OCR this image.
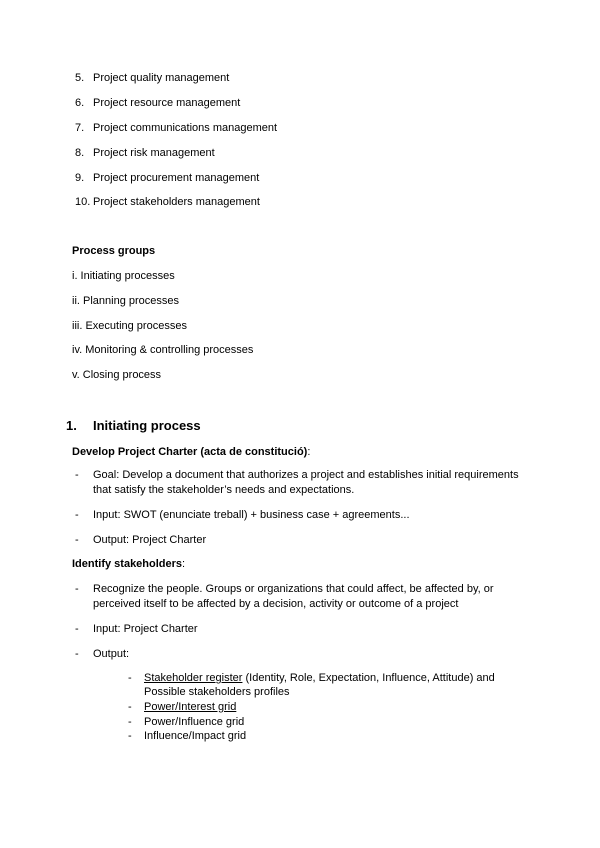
5. Project quality management
6. Project resource management
7. Project communications management
8. Project risk management
9. Project procurement management
10. Project stakeholders management
Process groups
i. Initiating processes
ii. Planning processes
iii. Executing processes
iv. Monitoring & controlling processes
v. Closing process
1. Initiating process
Develop Project Charter (acta de constitució):
- Goal: Develop a document that authorizes a project and establishes initial requirements
that satisfy the stakeholder’s needs and expectations.
- Input: SWOT (enunciate treball) + business case + agreements...
- Output: Project Charter
Identify stakeholders:
- Recognize the people. Groups or organizations that could affect, be affected by, or
perceived itself to be affected by a decision, activity or outcome of a project
- Input: Project Charter
- Output:
- Stakeholder register (Identity, Role, Expectation, Influence, Attitude) and
Possible stakeholders profiles
- Power/Interest grid
- Power/Influence grid
- Influence/Impact grid
